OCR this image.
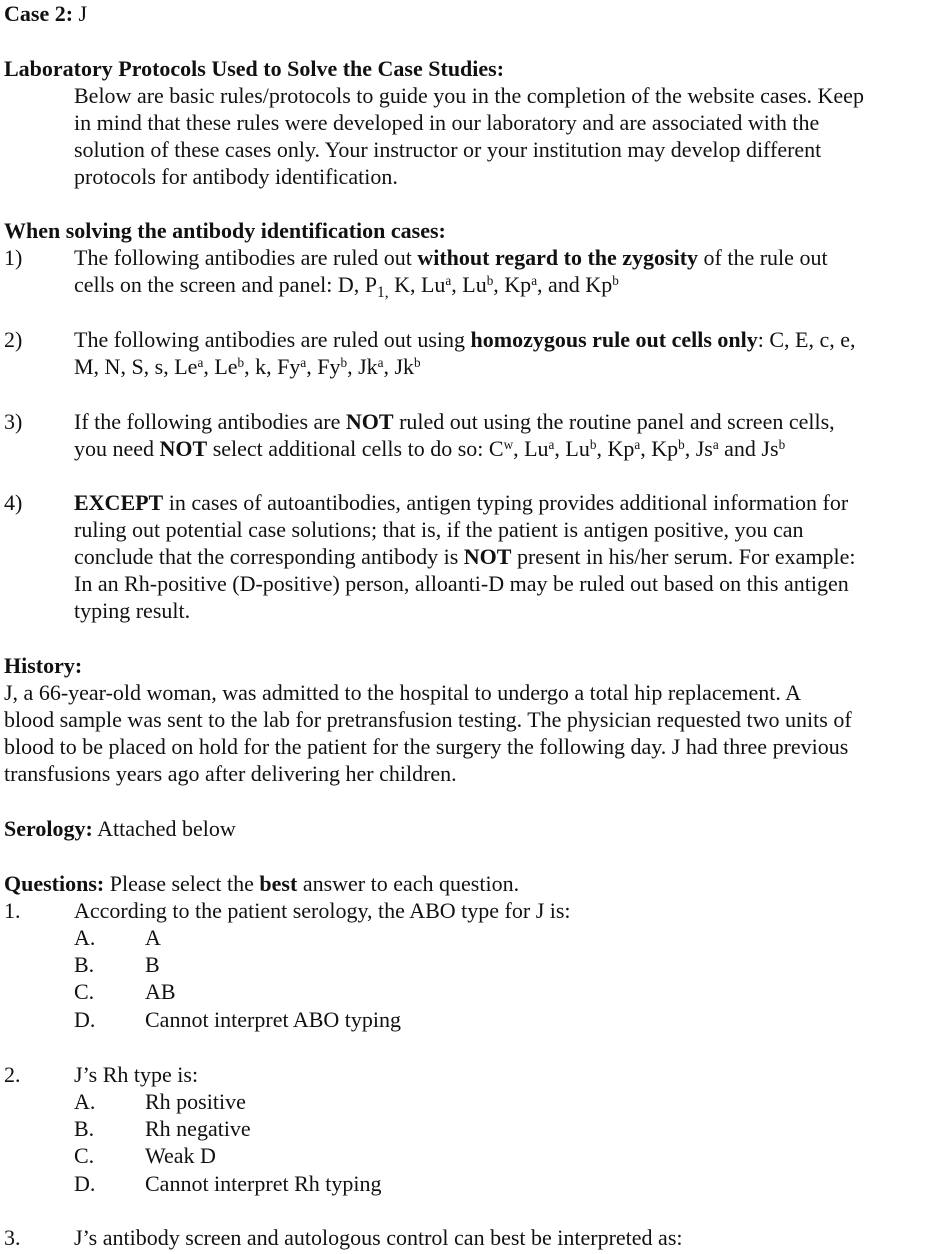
Case 2: J
Laboratory Protocols Used to Solve the Case Studies:
Below are basic rules/protocols to guide you in the completion of the website cases. Keep
in mind that these rules were developed in our laboratory and are associated with the
solution of these cases only. Your instructor or your institution may develop different
protocols for antibody identification.
When solving the antibody identification cases:
1) The following antibodies are ruled out without regard to the zygosity of the rule out
cells on the screen and panel: D, $P_{1,}$ K, Lu$^a$, Lu$^b$, Kp$^a$, and Kp$^b$
2) The following antibodies are ruled out using homozygous rule out cells only: C, E, c, e,
M, N, S, s, Le$^a$, Le$^b$, k, Fy$^a$, Fy$^b$, Jk$^a$, Jk$^b$
3) If the following antibodies are NOT ruled out using the routine panel and screen cells,
you need NOT select additional cells to do so: $C^w$, Lu$^a$, Lu$^b$, Kp$^a$, Kp$^b$, Js$^a$ and Js$^b$
4) EXCEPT in cases of autoantibodies, antigen typing provides additional information for
ruling out potential case solutions; that is, if the patient is antigen positive, you can
conclude that the corresponding antibody is NOT present in his/her serum. For example:
In an Rh-positive (D-positive) person, alloanti-D may be ruled out based on this antigen
typing result.
History:
J, a 66-year-old woman, was admitted to the hospital to undergo a total hip replacement. A
blood sample was sent to the lab for pretransfusion testing. The physician requested two units of
blood to be placed on hold for the patient for the surgery the following day. J had three previous
transfusions years ago after delivering her children.
Serology: Attached below
Questions: Please select the best answer to each question.
1. According to the patient serology, the ABO type for J is:
A. A
B. B
C. AB
D. Cannot interpret ABO typing
2. J’s Rh type is:
A. Rh positive
B. Rh negative
C. Weak D
D. Cannot interpret Rh typing
3. J’s antibody screen and autologous control can best be interpreted as:
